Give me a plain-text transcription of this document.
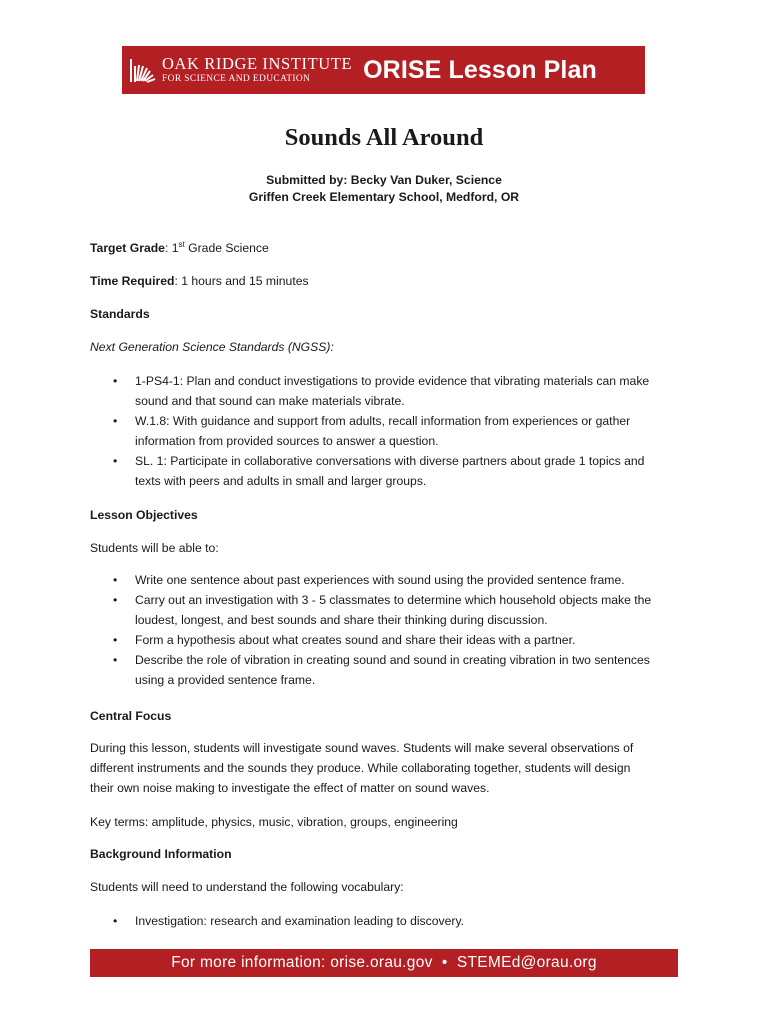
OAK RIDGE INSTITUTE
FOR SCIENCE AND EDUCATION	ORISE Lesson Plan
Sounds All Around
Submitted by: Becky Van Duker, Science
Griffen Creek Elementary School, Medford, OR

Target Grade: 1st Grade Science

Time Required: 1 hours and 15 minutes

Standards

Next Generation Science Standards (NGSS):

• 1-PS4-1: Plan and conduct investigations to provide evidence that vibrating materials can make
sound and that sound can make materials vibrate.
• W.1.8: With guidance and support from adults, recall information from experiences or gather
information from provided sources to answer a question.
• SL. 1: Participate in collaborative conversations with diverse partners about grade 1 topics and
texts with peers and adults in small and larger groups.

Lesson Objectives

Students will be able to:

• Write one sentence about past experiences with sound using the provided sentence frame.
• Carry out an investigation with 3 - 5 classmates to determine which household objects make the
loudest, longest, and best sounds and share their thinking during discussion.
• Form a hypothesis about what creates sound and share their ideas with a partner.
• Describe the role of vibration in creating sound and sound in creating vibration in two sentences
using a provided sentence frame.

Central Focus

During this lesson, students will investigate sound waves. Students will make several observations of
different instruments and the sounds they produce. While collaborating together, students will design
their own noise making to investigate the effect of matter on sound waves.

Key terms: amplitude, physics, music, vibration, groups, engineering

Background Information

Students will need to understand the following vocabulary:

• Investigation: research and examination leading to discovery.
For more information: orise.orau.gov  •  STEMEd@orau.org
